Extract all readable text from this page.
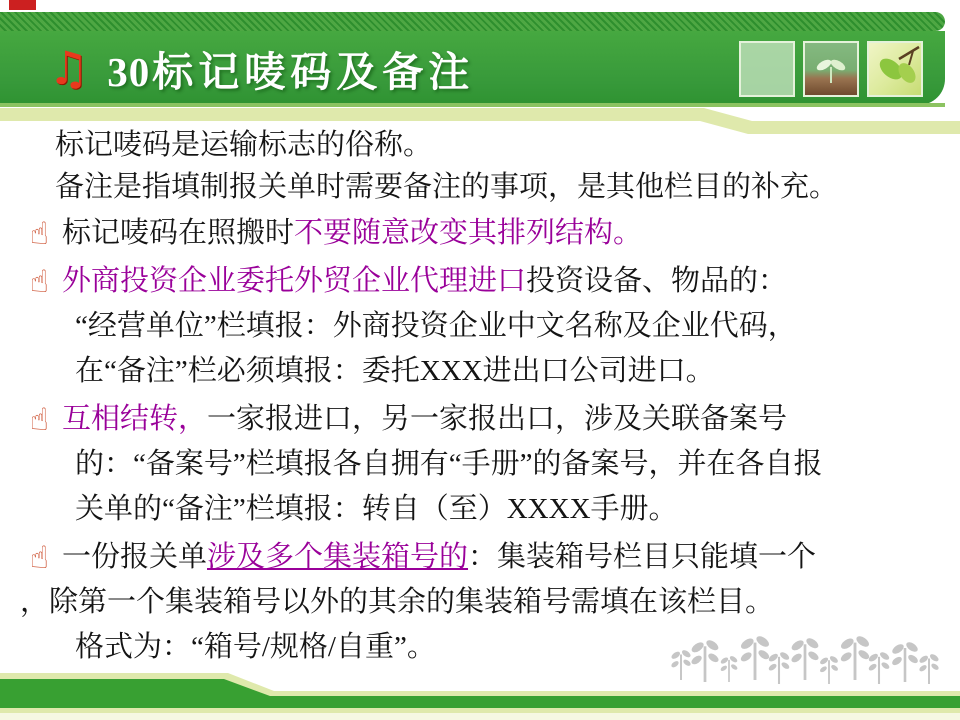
♫ 30标记唛码及备注
标记唛码是运输标志的俗称。
备注是指填制报关单时需要备注的事项，是其他栏目的补充。
☝ 标记唛码在照搬时不要随意改变其排列结构。
☝ 外商投资企业委托外贸企业代理进口投资设备、物品的：
“经营单位”栏填报：外商投资企业中文名称及企业代码，
在“备注”栏必须填报：委托XXX进出口公司进口。
☝ 互相结转，一家报进口，另一家报出口，涉及关联备案号
的：“备案号”栏填报各自拥有“手册”的备案号，并在各自报
关单的“备注”栏填报：转自（至）XXXX手册。
☝ 一份报关单涉及多个集装箱号的：集装箱号栏目只能填一个
，除第一个集装箱号以外的其余的集装箱号需填在该栏目。
格式为：“箱号/规格/自重”。
